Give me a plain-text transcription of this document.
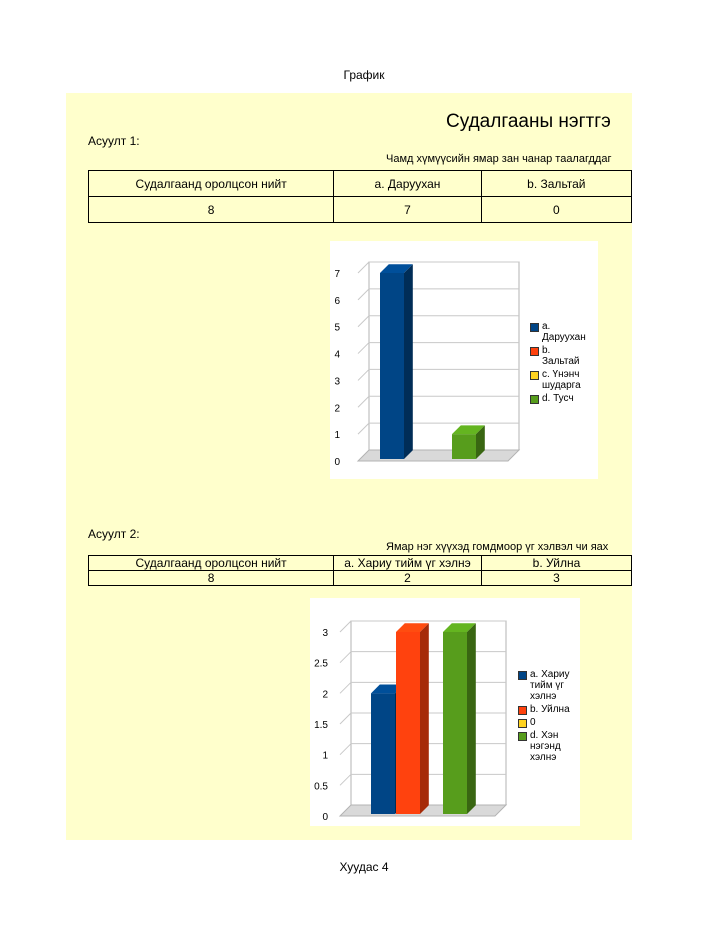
График
Судалгааны нэгтгэ
Асуулт 1:
Чамд хүмүүсийн ямар зан чанар таалагддаг
Судалгаанд оролцсон нийт	a. Даруухан	b. Зальтай
8	7	0
0
1
2
3
4
5
6
7
a. Даруухан
b. Зальтай
c. Үнэнч шударга
d. Тусч
Асуулт 2:
Ямар нэг хүүхэд гомдмоор үг хэлвэл чи яах
Судалгаанд оролцсон нийт	a. Хариу тийм үг хэлнэ	b. Уйлна
8	2	3
0
0.5
1
1.5
2
2.5
3
a. Хариу тийм үг хэлнэ
b. Уйлна
0
d. Хэн нэгэнд хэлнэ
Хуудас 4
